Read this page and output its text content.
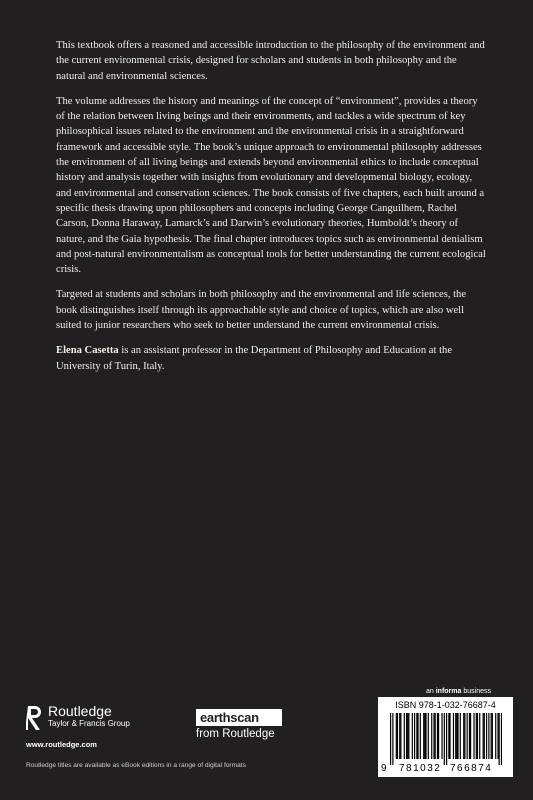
This textbook offers a reasoned and accessible introduction to the philosophy of the environment and the current environmental crisis, designed for scholars and students in both philosophy and the natural and environmental sciences.

The volume addresses the history and meanings of the concept of “environment”, provides a theory of the relation between living beings and their environments, and tackles a wide spectrum of key philosophical issues related to the environment and the environmental crisis in a straightforward framework and accessible style. The book’s unique approach to environmental philosophy addresses the environment of all living beings and extends beyond environmental ethics to include conceptual history and analysis together with insights from evolutionary and developmental biology, ecology, and environmental and conservation sciences. The book consists of five chapters, each built around a specific thesis drawing upon philosophers and concepts including George Canguilhem, Rachel Carson, Donna Haraway, Lamarck’s and Darwin’s evolutionary theories, Humboldt’s theory of nature, and the Gaia hypothesis. The final chapter introduces topics such as environmental denialism and post-natural environmentalism as conceptual tools for better understanding the current ecological crisis.

Targeted at students and scholars in both philosophy and the environmental and life sciences, the book distinguishes itself through its approachable style and choice of topics, which are also well suited to junior researchers who seek to better understand the current environmental crisis.

Elena Casetta is an assistant professor in the Department of Philosophy and Education at the University of Turin, Italy.

an informa business
Routledge
Taylor & Francis Group
www.routledge.com
Routledge titles are available as eBook editions in a range of digital formats
earthscan
from Routledge
ISBN 978-1-032-76687-4
9 781032 766874
